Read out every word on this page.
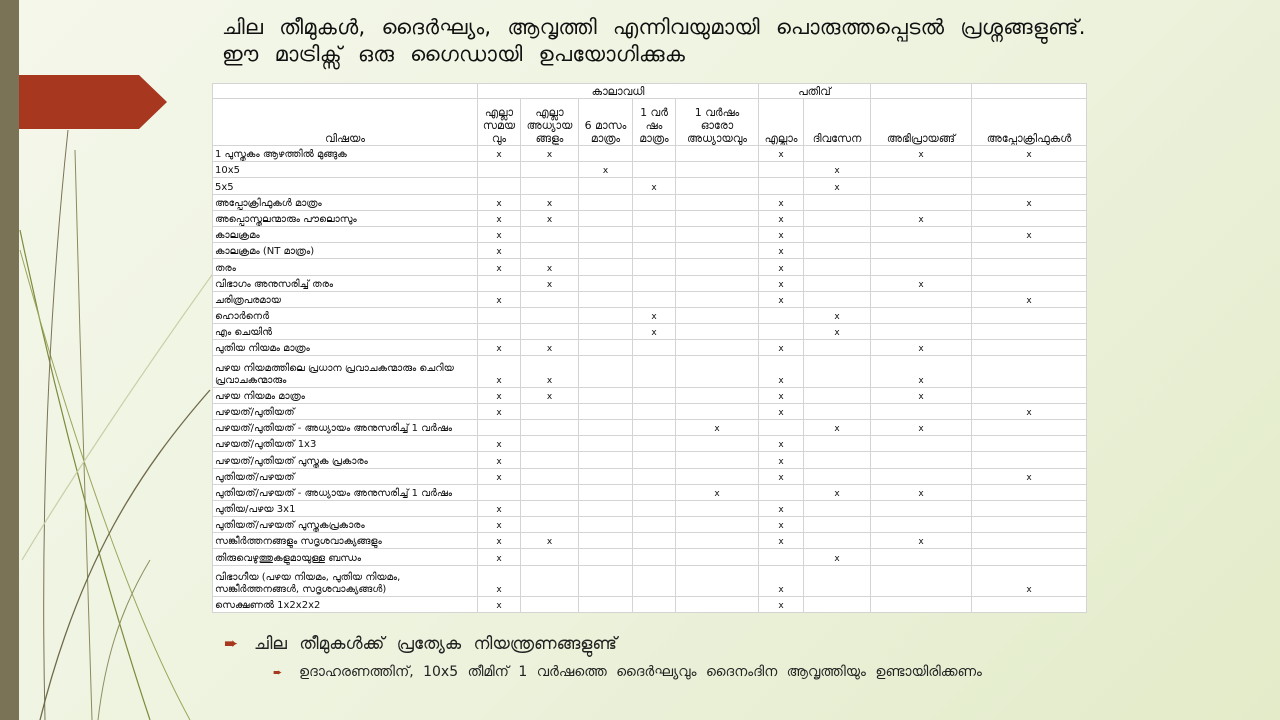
ചില തീമുകൾ, ദൈർഘ്യം, ആവൃത്തി എന്നിവയുമായി പൊരുത്തപ്പെടൽ പ്രശ്നങ്ങളുണ്ട്. ഈ മാട്രിക്സ് ഒരു ഗൈഡായി ഉപയോഗിക്കുക
	കാലാവധി					പതിവ്			
വിഷയം	എല്ലാ സമയ വും	എല്ലാ അധ്യായ ങ്ങളും	6 മാസം മാത്രം	1 വർ ഷം മാത്രം	1 വർഷം ഓരോ അധ്യായവും	എല്ലാം	ദിവസേന	അഭിപ്രായങ്ങ്	അപ്പോക്രിഫുകൾ
1 പുസ്തകം ആഴത്തിൽ മുങ്ങുക	x	x				x		x	x
10x5			x				x		
5x5				x			x		
അപ്പോക്രിഫുകൾ മാത്രം	x	x				x			x
അപ്പൊസ്തലന്മാരും പൗലൊസും	x	x				x		x	
കാലക്രമം	x					x			x
കാലക്രമം (NT മാത്രം)	x					x			
തരം	x	x				x			
വിഭാഗം അനുസരിച്ച് തരം		x				x		x	
ചരിത്രപരമായ	x					x			x
ഹൊർനെർ				x			x		
എം ചെയിൻ				x			x		
പുതിയ നിയമം മാത്രം	x	x				x		x	
പഴയ നിയമത്തിലെ പ്രധാന പ്രവാചകന്മാരും ചെറിയ പ്രവാചകന്മാരും	x	x				x		x	
പഴയ നിയമം മാത്രം	x	x				x		x	
പഴയത്/പുതിയത്	x					x			x
പഴയത്/പുതിയത് - അധ്യായം അനുസരിച്ച് 1 വർഷം					x		x	x	
പഴയത്/പുതിയത് 1x3	x					x			
പഴയത്/പുതിയത് പുസ്തക പ്രകാരം	x					x			
പുതിയത്/പഴയത്	x					x			x
പുതിയത്/പഴയത് - അധ്യായം അനുസരിച്ച് 1 വർഷം					x		x	x	
പുതിയ/പഴയ 3x1	x					x			
പുതിയത്/പഴയത് പുസ്തകപ്രകാരം	x					x			
സങ്കീർത്തനങ്ങളും സദൃശവാക്യങ്ങളും	x	x				x		x	
തിരുവെഴുത്തുകളുമായുള്ള ബന്ധം	x						x		
വിഭാഗീയ (പഴയ നിയമം, പുതിയ നിയമം, സങ്കീർത്തനങ്ങൾ, സദൃശവാക്യങ്ങൾ)	x					x			x
സെക്ഷണൽ 1x2x2x2	x					x			
➨ ചില തീമുകൾക്ക് പ്രത്യേക നിയന്ത്രണങ്ങളുണ്ട്
➨ ഉദാഹരണത്തിന്, 10x5 തീമിന് 1 വർഷത്തെ ദൈർഘ്യവും ദൈനംദിന ആവൃത്തിയും ഉണ്ടായിരിക്കണം
